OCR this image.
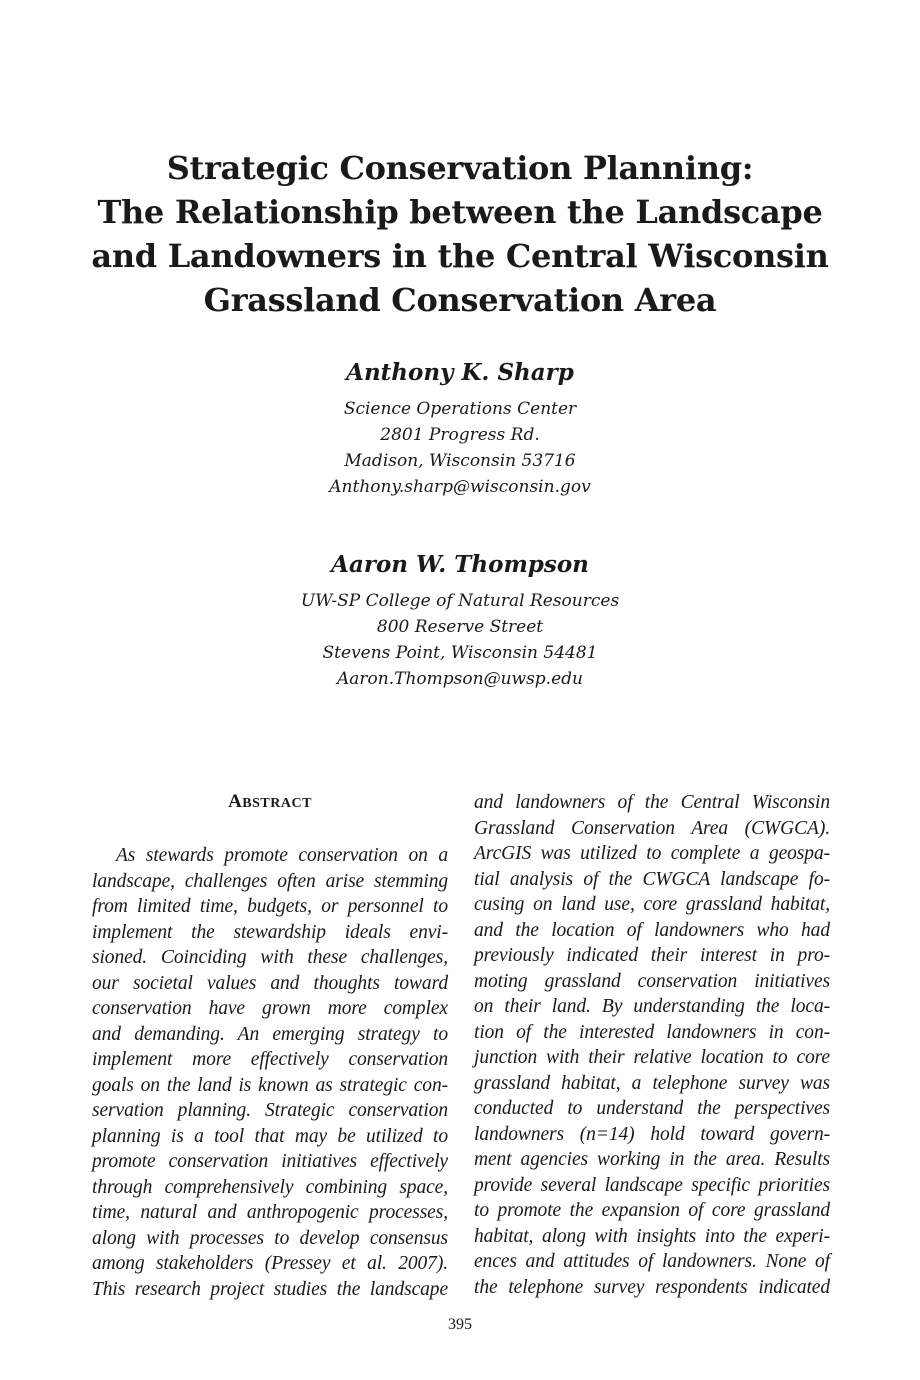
Strategic Conservation Planning:
The Relationship between the Landscape
and Landowners in the Central Wisconsin
Grassland Conservation Area

Anthony K. Sharp

Science Operations Center

2801 Progress Rd.

Madison, Wisconsin 53716

Anthony.sharp@wisconsin.gov

Aaron W. Thompson

UW-SP College of Natural Resources

800 Reserve Street

Stevens Point, Wisconsin 54481

Aaron.Thompson@uwsp.edu

ABSTRACT
As stewards promote conservation on a
landscape, challenges often arise stemming
from limited time, budgets, or personnel to
implement the stewardship ideals envi-
sioned. Coinciding with these challenges,
our societal values and thoughts toward
conservation have grown more complex
and demanding. An emerging strategy to
implement more effectively conservation
goals on the land is known as strategic con-
servation planning. Strategic conservation
planning is a tool that may be utilized to
promote conservation initiatives effectively
through comprehensively combining space,
time, natural and anthropogenic processes,
along with processes to develop consensus
among stakeholders (Pressey et al. 2007).
This research project studies the landscape
and landowners of the Central Wisconsin
Grassland Conservation Area (CWGCA).
ArcGIS was utilized to complete a geospa-
tial analysis of the CWGCA landscape fo-
cusing on land use, core grassland habitat,
and the location of landowners who had
previously indicated their interest in pro-
moting grassland conservation initiatives
on their land. By understanding the loca-
tion of the interested landowners in con-
junction with their relative location to core
grassland habitat, a telephone survey was
conducted to understand the perspectives
landowners (n=14) hold toward govern-
ment agencies working in the area. Results
provide several landscape specific priorities
to promote the expansion of core grassland
habitat, along with insights into the experi-
ences and attitudes of landowners. None of
the telephone survey respondents indicated

395
